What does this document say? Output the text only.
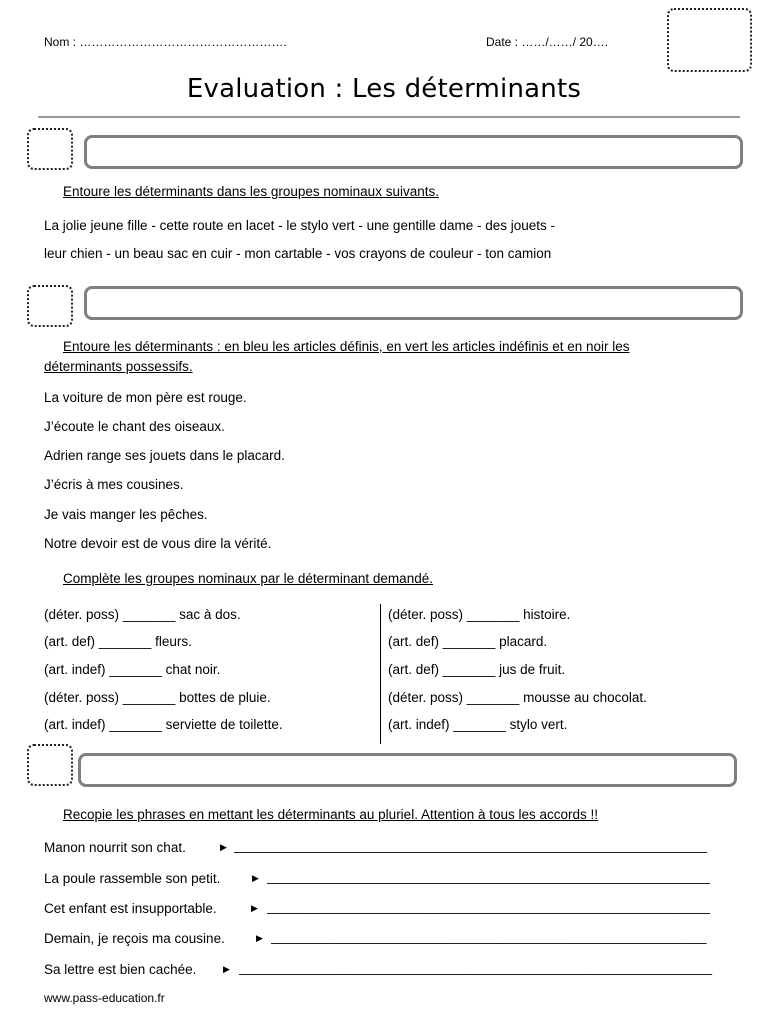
Nom : …………………………………………….	Date : ……/……/ 20….
Evaluation : Les déterminants
Entoure les déterminants dans les groupes nominaux suivants.
La jolie jeune fille - cette route en lacet - le stylo vert - une gentille dame - des jouets -
leur chien - un beau sac en cuir - mon cartable - vos crayons de couleur - ton camion
Entoure les déterminants : en bleu les articles définis, en vert les articles indéfinis et en noir les
déterminants possessifs.
La voiture de mon père est rouge.
J’écoute le chant des oiseaux.
Adrien range ses jouets dans le placard.
J’écris à mes cousines.
Je vais manger les pêches.
Notre devoir est de vous dire la vérité.
Complète les groupes nominaux par le déterminant demandé.
(déter. poss) _______ sac à dos.
(art. def) _______ fleurs.
(art. indef) _______ chat noir.
(déter. poss) _______ bottes de pluie.
(art. indef) _______ serviette de toilette.
(déter. poss) _______ histoire.
(art. def) _______ placard.
(art. def) _______ jus de fruit.
(déter. poss) _______ mousse au chocolat.
(art. indef) _______ stylo vert.
Recopie les phrases en mettant les déterminants au pluriel. Attention à tous les accords !!
Manon nourrit son chat.	▶ _______________________________________________________________
La poule rassemble son petit.	▶ ___________________________________________________________
Cet enfant est insupportable.	▶ ___________________________________________________________
Demain, je reçois ma cousine.	▶ __________________________________________________________
Sa lettre est bien cachée.	▶ _______________________________________________________________
www.pass-education.fr
